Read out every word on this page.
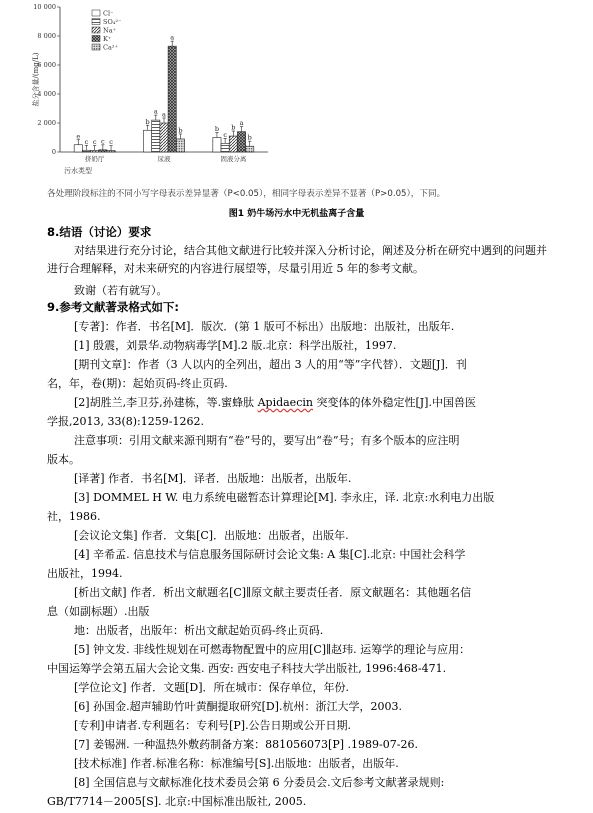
0
2 000
4 000
6 000
8 000
10 000
盐分含量/(mg/L)
e
c c c c
挤奶厅
b
a a
a
b
尿液
b
c
b
a
b
固液分离
污水类型
Cl⁻
SO₄²⁻
Na⁺
K⁺
Ca²⁺
各处理阶段标注的不同小写字母表示差异显著（P<0.05），相同字母表示差异不显著（P>0.05），下同。
图1 奶牛场污水中无机盐离子含量
8.结语（讨论）要求
对结果进行充分讨论，结合其他文献进行比较并深入分析讨论，阐述及分析在研究中遇到的问题并进行合理解释，对未来研究的内容进行展望等，尽量引用近 5 年的参考文献。
致谢（若有就写）。
9.参考文献著录格式如下:
[专著]：作者．书名[M]．版次．(第 1 版可不标出）出版地：出版社，出版年.
[1] 殷震，刘景华.动物病毒学[M].2 版.北京：科学出版社，1997.
[期刊文章]：作者（3 人以内的全列出，超出 3 人的用“等”字代替）．文题[J]．刊
名，年，卷(期)：起始页码-终止页码.
[2]胡胜兰,李卫芬,孙建栋，等.蜜蜂肽 Apidaecin 突变体的体外稳定性[J].中国兽医
学报,2013, 33(8):1259-1262.
注意事项：引用文献来源刊期有“卷”号的，要写出“卷”号；有多个版本的应注明
版本。
[译著] 作者．书名[M]．译者．出版地：出版者，出版年.
[3] DOMMEL H W. 电力系统电磁暂态计算理论[M]. 李永庄，译. 北京:水利电力出版
社，1986.
[会议论文集] 作者．文集[C]．出版地：出版者，出版年.
[4] 辛希孟. 信息技术与信息服务国际研讨会论文集: A 集[C].北京: 中国社会科学
出版社，1994.
[析出文献] 作者．析出文献题名[C]∥原文献主要责任者．原文献题名：其他题名信
息（如副标题）.出版
地：出版者，出版年：析出文献起始页码-终止页码.
[5] 钟文发. 非线性规划在可燃毒物配置中的应用[C]∥赵玮. 运筹学的理论与应用：
中国运筹学会第五届大会论文集. 西安: 西安电子科技大学出版社, 1996:468-471.
[学位论文] 作者．文题[D]．所在城市：保存单位，年份.
[6] 孙国金.超声辅助竹叶黄酮提取研究[D].杭州：浙江大学，2003.
[专利]申请者.专利题名：专利号[P].公告日期或公开日期.
[7] 姜锡洲. 一种温热外敷药制备方案：881056073[P] .1989-07-26.
[技术标准] 作者.标准名称：标准编号[S].出版地：出版者，出版年.
[8] 全国信息与文献标准化技术委员会第 6 分委员会.文后参考文献著录规则:
GB/T7714－2005[S]. 北京:中国标准出版社, 2005.
